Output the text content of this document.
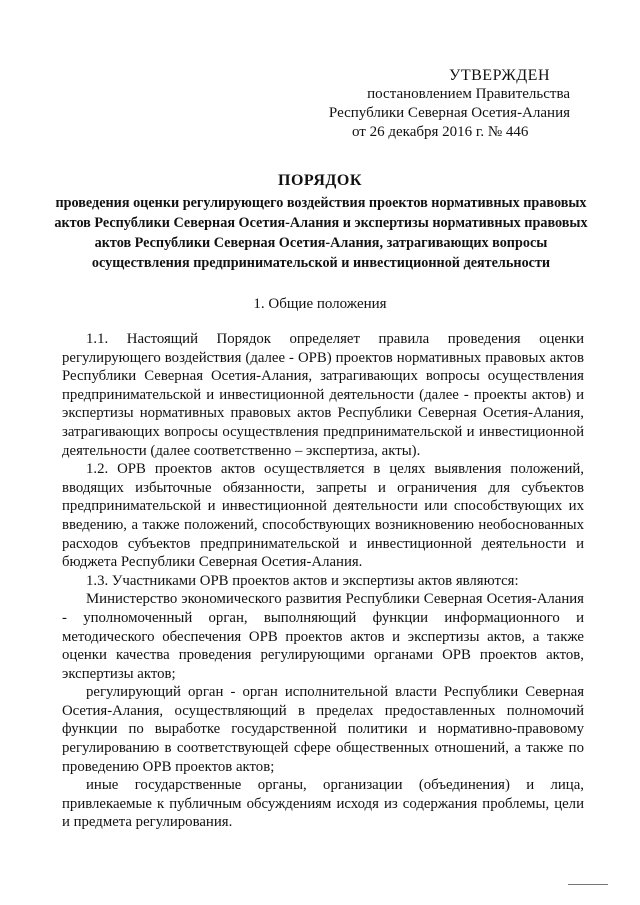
УТВЕРЖДЕН
постановлением Правительства
Республики Северная Осетия-Алания
от 26 декабря 2016 г. № 446
ПОРЯДОК
проведения оценки регулирующего воздействия проектов нормативных правовых актов Республики Северная Осетия-Алания и экспертизы нормативных правовых актов Республики Северная Осетия-Алания, затрагивающих вопросы осуществления предпринимательской и инвестиционной деятельности
1. Общие положения

1.1. Настоящий Порядок определяет правила проведения оценки регулирующего воздействия (далее - ОРВ) проектов нормативных правовых актов Республики Северная Осетия-Алания, затрагивающих вопросы осуществления предпринимательской и инвестиционной деятельности (далее - проекты актов) и экспертизы нормативных правовых актов Республики Северная Осетия-Алания, затрагивающих вопросы осуществления предпринимательской и инвестиционной деятельности (далее соответственно – экспертиза, акты).

1.2. ОРВ проектов актов осуществляется в целях выявления положений, вводящих избыточные обязанности, запреты и ограничения для субъектов предпринимательской и инвестиционной деятельности или способствующих их введению, а также положений, способствующих возникновению необоснованных расходов субъектов предпринимательской и инвестиционной деятельности и бюджета Республики Северная Осетия-Алания.

1.3. Участниками ОРВ проектов актов и экспертизы актов являются:

Министерство экономического развития Республики Северная Осетия-Алания - уполномоченный орган, выполняющий функции информационного и методического обеспечения ОРВ проектов актов и экспертизы актов, а также оценки качества проведения регулирующими органами ОРВ проектов актов, экспертизы актов;

регулирующий орган - орган исполнительной власти Республики Северная Осетия-Алания, осуществляющий в пределах предоставленных полномочий функции по выработке государственной политики и нормативно-правовому регулированию в соответствующей сфере общественных отношений, а также по проведению ОРВ проектов актов;

иные государственные органы, организации (объединения) и лица, привлекаемые к публичным обсуждениям исходя из содержания проблемы, цели и предмета регулирования.
